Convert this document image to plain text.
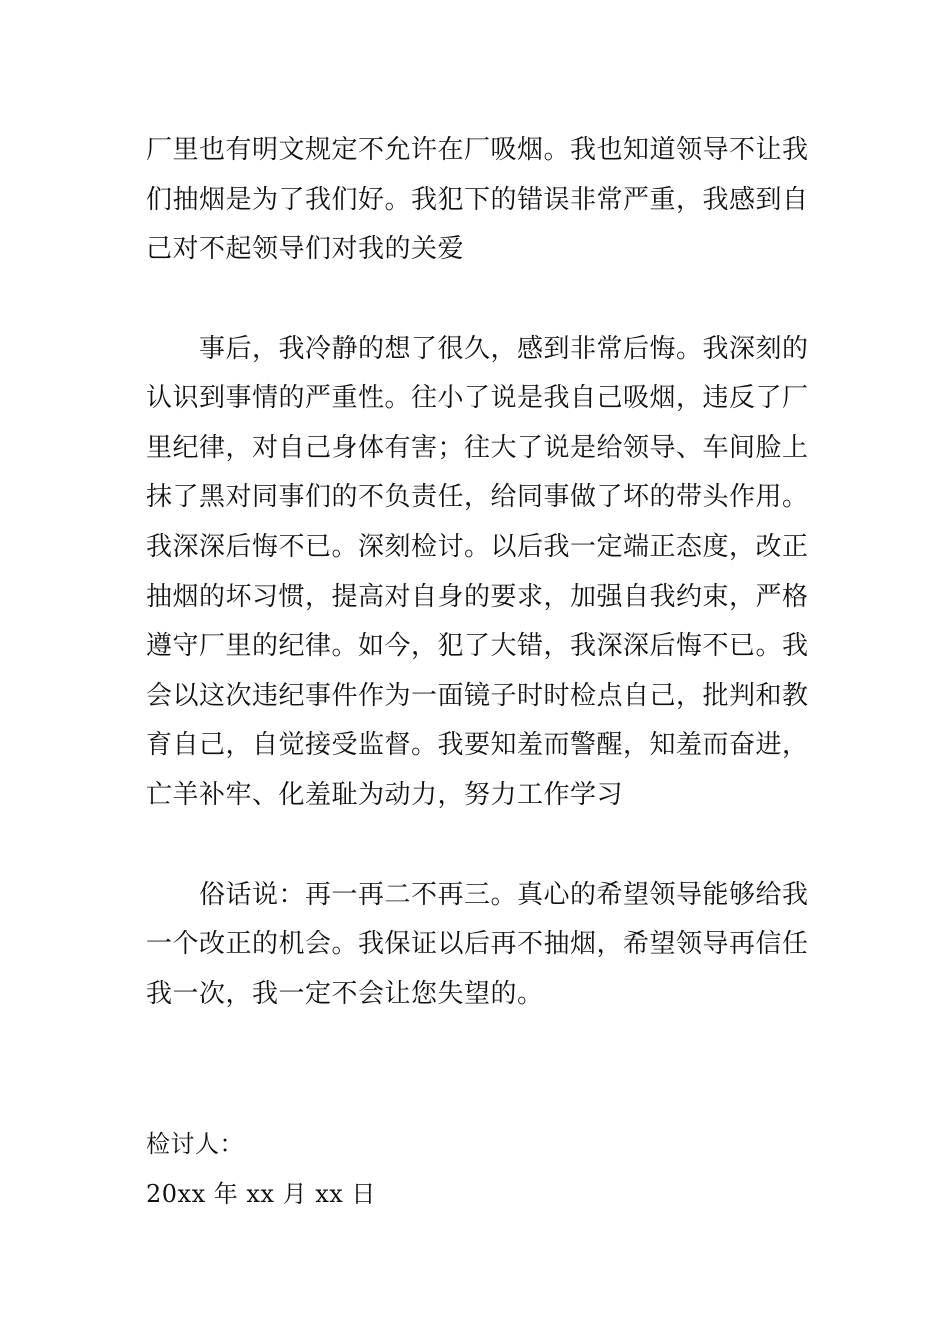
厂里也有明文规定不允许在厂吸烟。我也知道领导不让我
们抽烟是为了我们好。我犯下的错误非常严重，我感到自
己对不起领导们对我的关爱
　　事后，我冷静的想了很久，感到非常后悔。我深刻的
认识到事情的严重性。往小了说是我自己吸烟，违反了厂
里纪律，对自己身体有害；往大了说是给领导、车间脸上
抹了黑对同事们的不负责任，给同事做了坏的带头作用。
我深深后悔不已。深刻检讨。以后我一定端正态度，改正
抽烟的坏习惯，提高对自身的要求，加强自我约束，严格
遵守厂里的纪律。如今，犯了大错，我深深后悔不已。我
会以这次违纪事件作为一面镜子时时检点自己，批判和教
育自己，自觉接受监督。我要知羞而警醒，知羞而奋进，
亡羊补牢、化羞耻为动力，努力工作学习
　　俗话说：再一再二不再三。真心的希望领导能够给我
一个改正的机会。我保证以后再不抽烟，希望领导再信任
我一次，我一定不会让您失望的。
检讨人：
20xx 年 xx 月 xx 日
